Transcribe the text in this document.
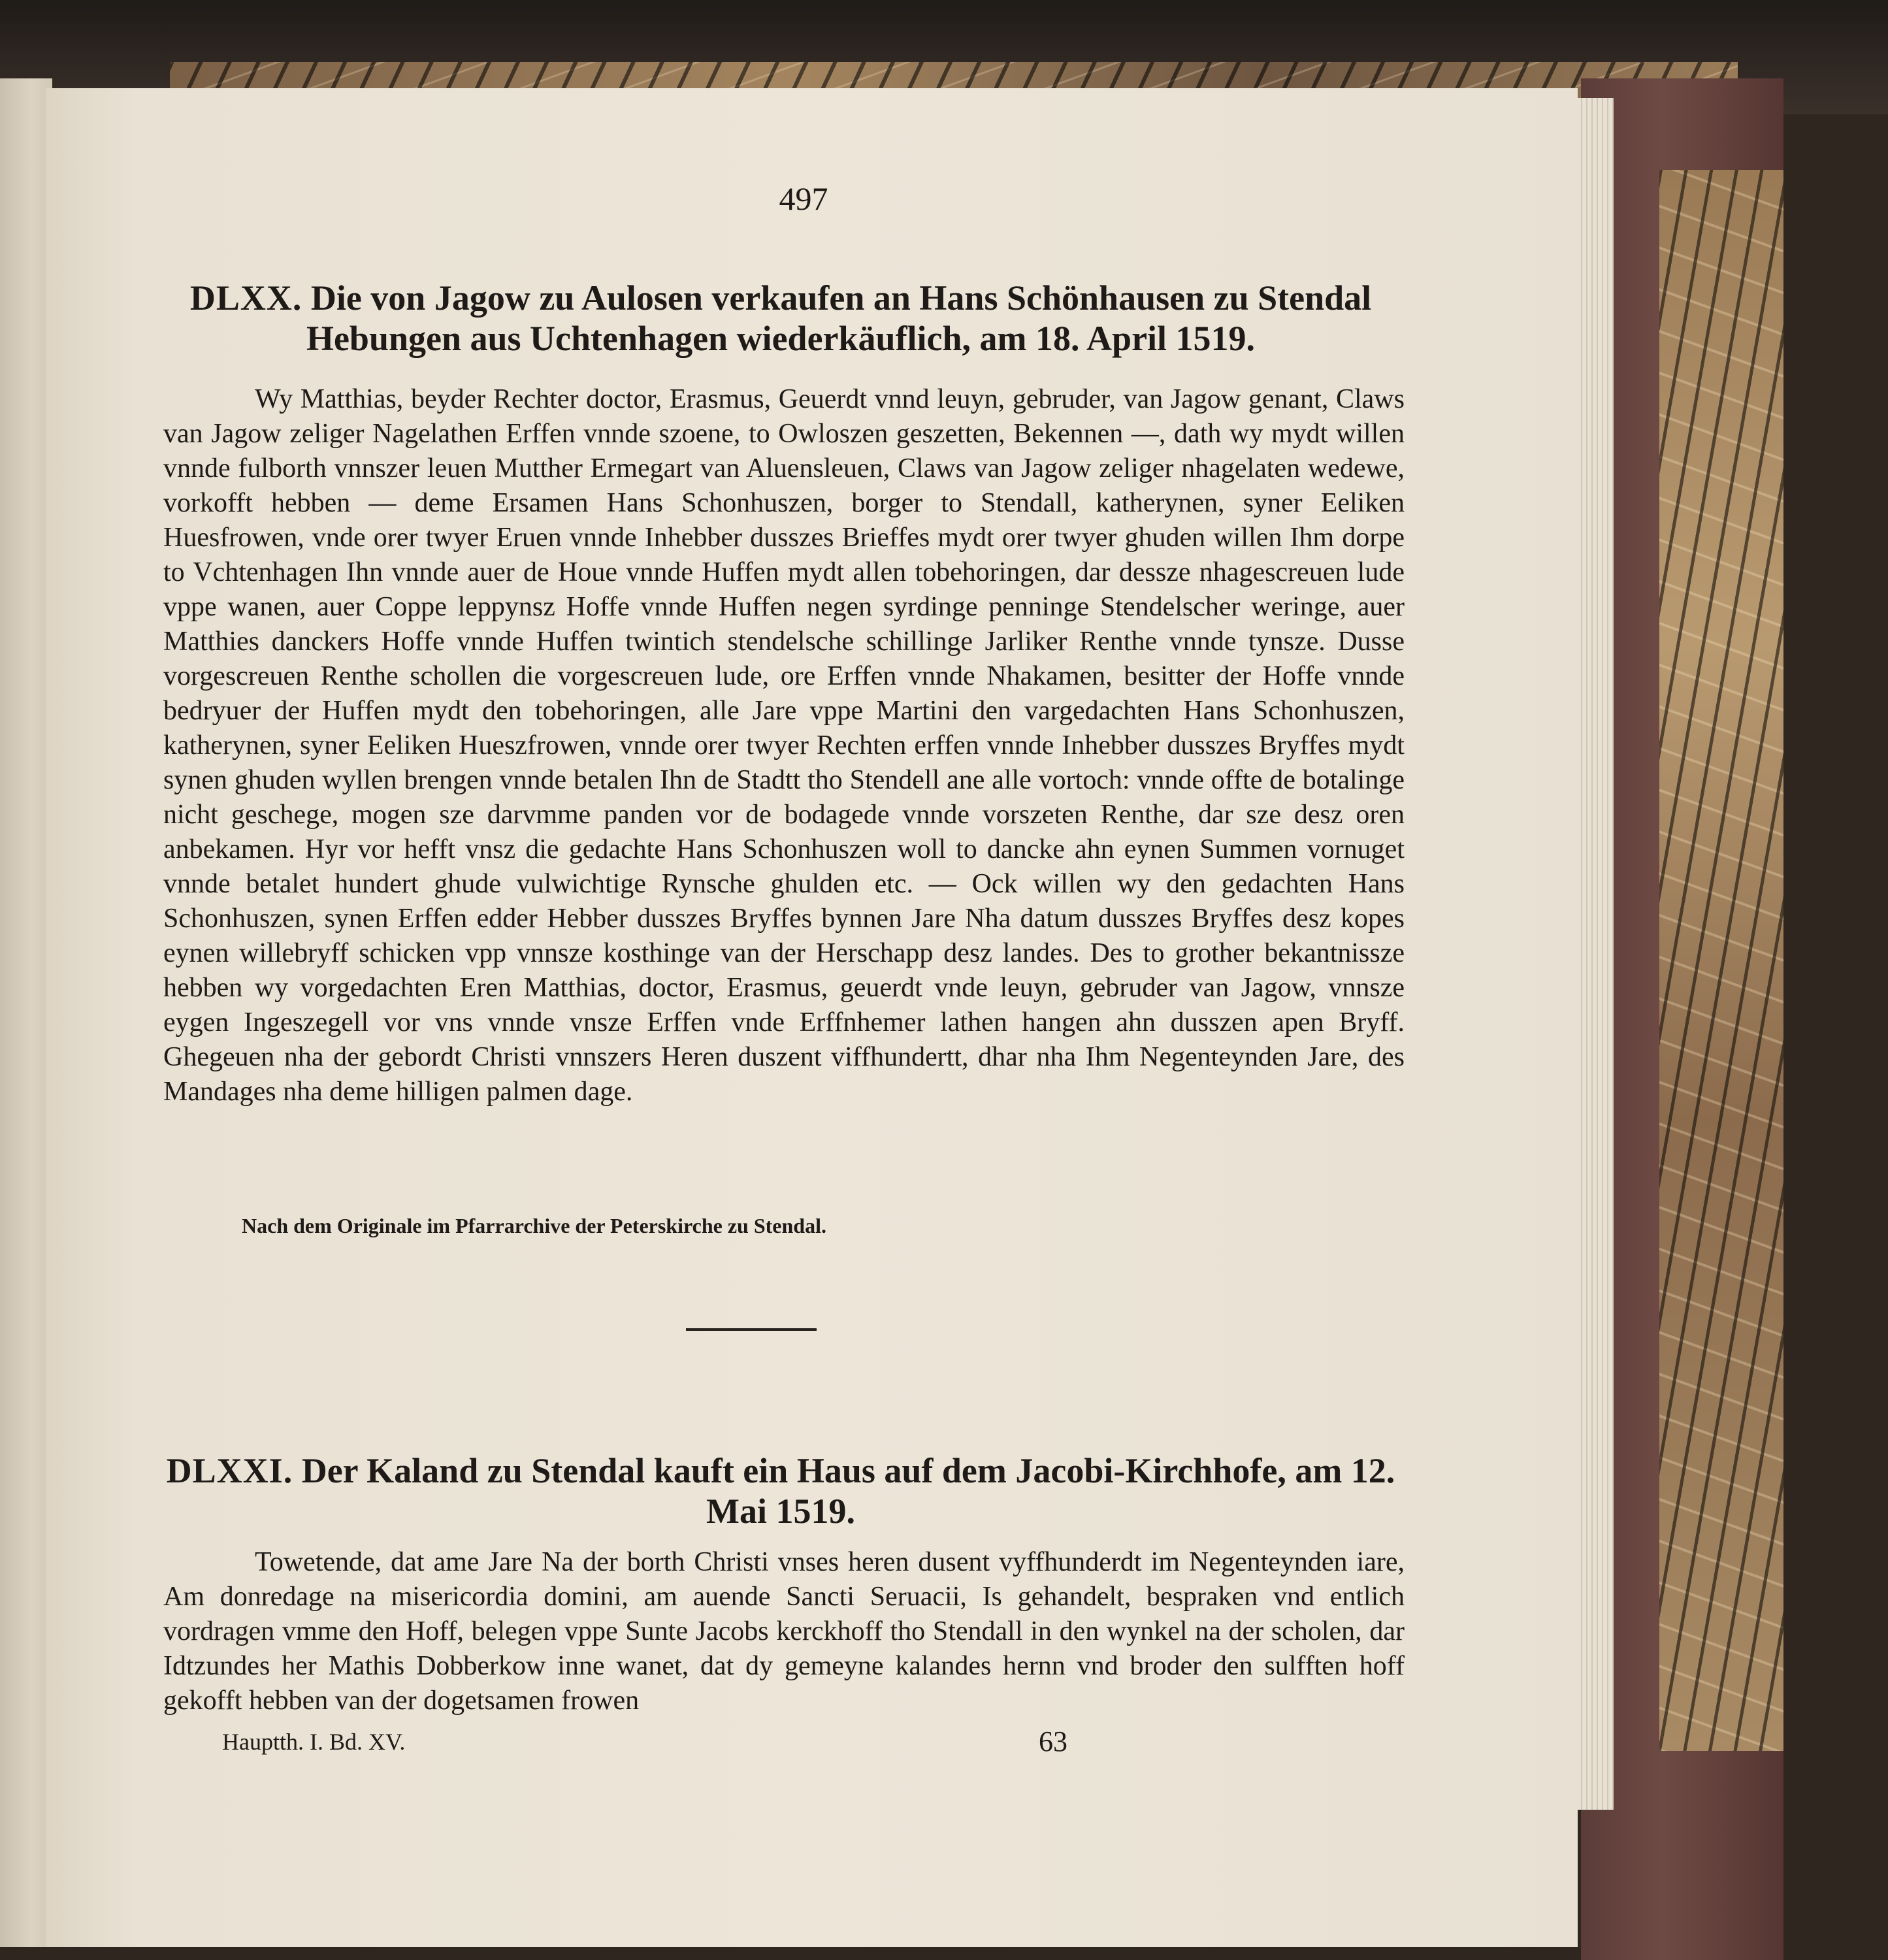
497
DLXX. Die von Jagow zu Aulosen verkaufen an Hans Schönhausen zu Stendal Hebungen aus Uchtenhagen wiederkäuflich, am 18. April 1519.

Wy Matthias, beyder Rechter doctor, Erasmus, Geuerdt vnnd leuyn, gebruder, van Jagow genant, Claws van Jagow zeliger Nagelathen Erffen vnnde szoene, to Owloszen geszetten, Bekennen —, dath wy mydt willen vnnde fulborth vnnszer leuen Mutther Ermegart van Aluensleuen, Claws van Jagow zeliger nhagelaten wedewe, vorkofft hebben — deme Ersamen Hans Schonhuszen, borger to Stendall, katherynen, syner Eeliken Huesfrowen, vnde orer twyer Eruen vnnde Inhebber dusszes Brieffes mydt orer twyer ghuden willen Ihm dorpe to Vchtenhagen Ihn vnnde auer de Houe vnnde Huffen mydt allen tobehoringen, dar dessze nhagescreuen lude vppe wanen, auer Coppe leppynsz Hoffe vnnde Huffen negen syrdinge penninge Stendelscher weringe, auer Matthies danckers Hoffe vnnde Huffen twintich stendelsche schillinge Jarliker Renthe vnnde tynsze. Dusse vorgescreuen Renthe schollen die vorgescreuen lude, ore Erffen vnnde Nhakamen, besitter der Hoffe vnnde bedryuer der Huffen mydt den tobehoringen, alle Jare vppe Martini den vargedachten Hans Schonhuszen, katherynen, syner Eeliken Hueszfrowen, vnnde orer twyer Rechten erffen vnnde Inhebber dusszes Bryffes mydt synen ghuden wyllen brengen vnnde betalen Ihn de Stadtt tho Stendell ane alle vortoch: vnnde offte de botalinge nicht geschege, mogen sze darvmme panden vor de bodagede vnnde vorszeten Renthe, dar sze desz oren anbekamen. Hyr vor hefft vnsz die gedachte Hans Schonhuszen woll to dancke ahn eynen Summen vornuget vnnde betalet hundert ghude vulwichtige Rynsche ghulden etc. — Ock willen wy den gedachten Hans Schonhuszen, synen Erffen edder Hebber dusszes Bryffes bynnen Jare Nha datum dusszes Bryffes desz kopes eynen willebryff schicken vpp vnnsze kosthinge van der Herschapp desz landes. Des to grother bekantnissze hebben wy vorgedachten Eren Matthias, doctor, Erasmus, geuerdt vnde leuyn, gebruder van Jagow, vnnsze eygen Ingeszegell vor vns vnnde vnsze Erffen vnde Erffnhemer lathen hangen ahn dusszen apen Bryff. Ghegeuen nha der gebordt Christi vnnszers Heren duszent viffhundertt, dhar nha Ihm Negenteynden Jare, des Mandages nha deme hilligen palmen dage.

Nach dem Originale im Pfarrarchive der Peterskirche zu Stendal.
DLXXI. Der Kaland zu Stendal kauft ein Haus auf dem Jacobi-Kirchhofe, am 12. Mai 1519.

Towetende, dat ame Jare Na der borth Christi vnses heren dusent vyffhunderdt im Negenteynden iare, Am donredage na misericordia domini, am auende Sancti Seruacii, Is gehandelt, bespraken vnd entlich vordragen vmme den Hoff, belegen vppe Sunte Jacobs kerckhoff tho Stendall in den wynkel na der scholen, dar Idtzundes her Mathis Dobberkow inne wanet, dat dy gemeyne kalandes hernn vnd broder den sulfften hoff gekofft hebben van der dogetsamen frowen

Hauptth. I. Bd. XV.	63
